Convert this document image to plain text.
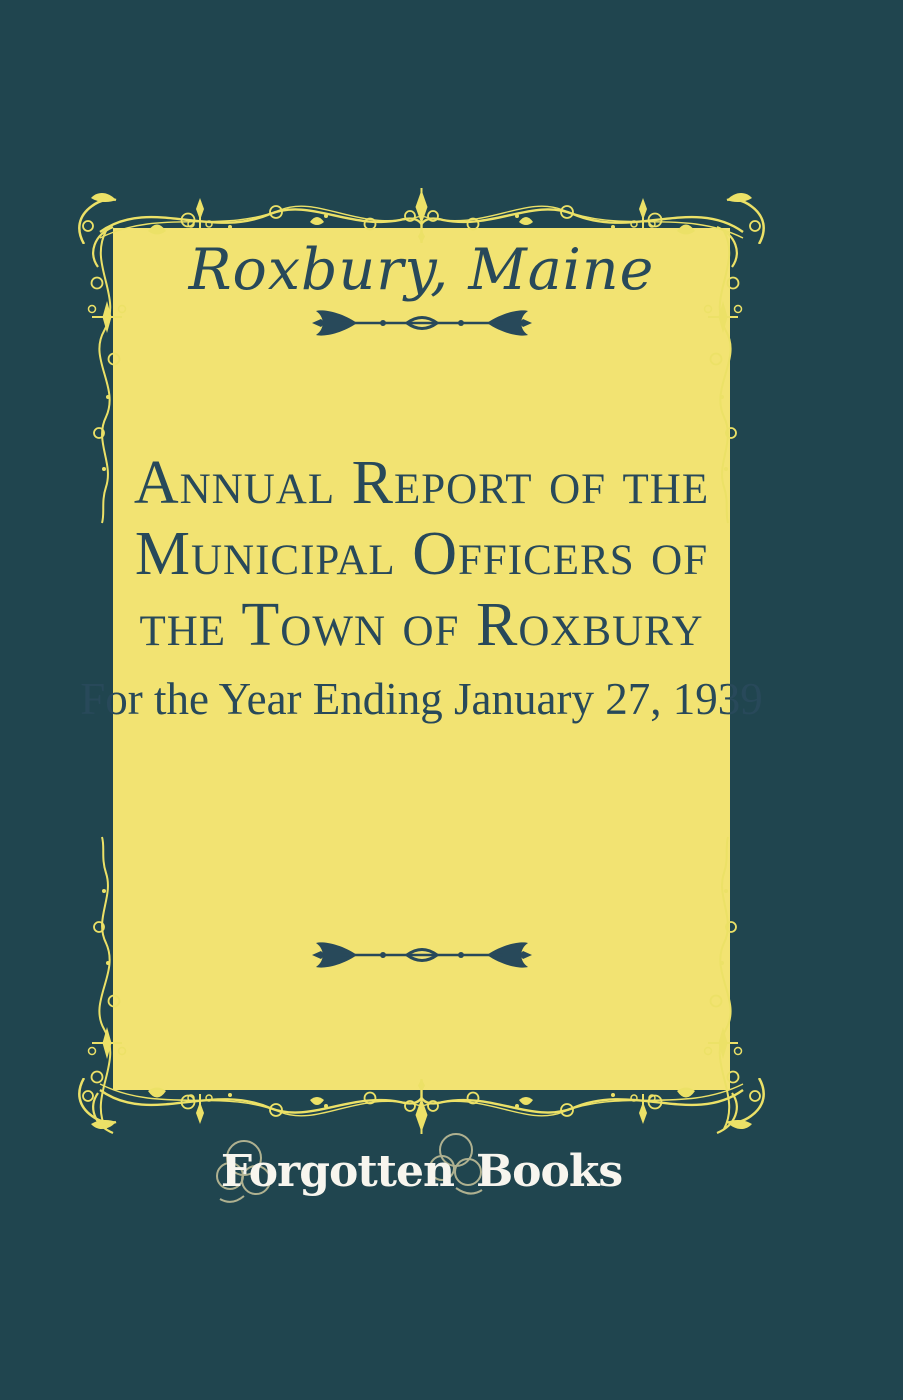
Roxbury, Maine
Annual Report of the
Municipal Officers of
the Town of Roxbury
For the Year Ending January 27, 1939
Forgotten Books
